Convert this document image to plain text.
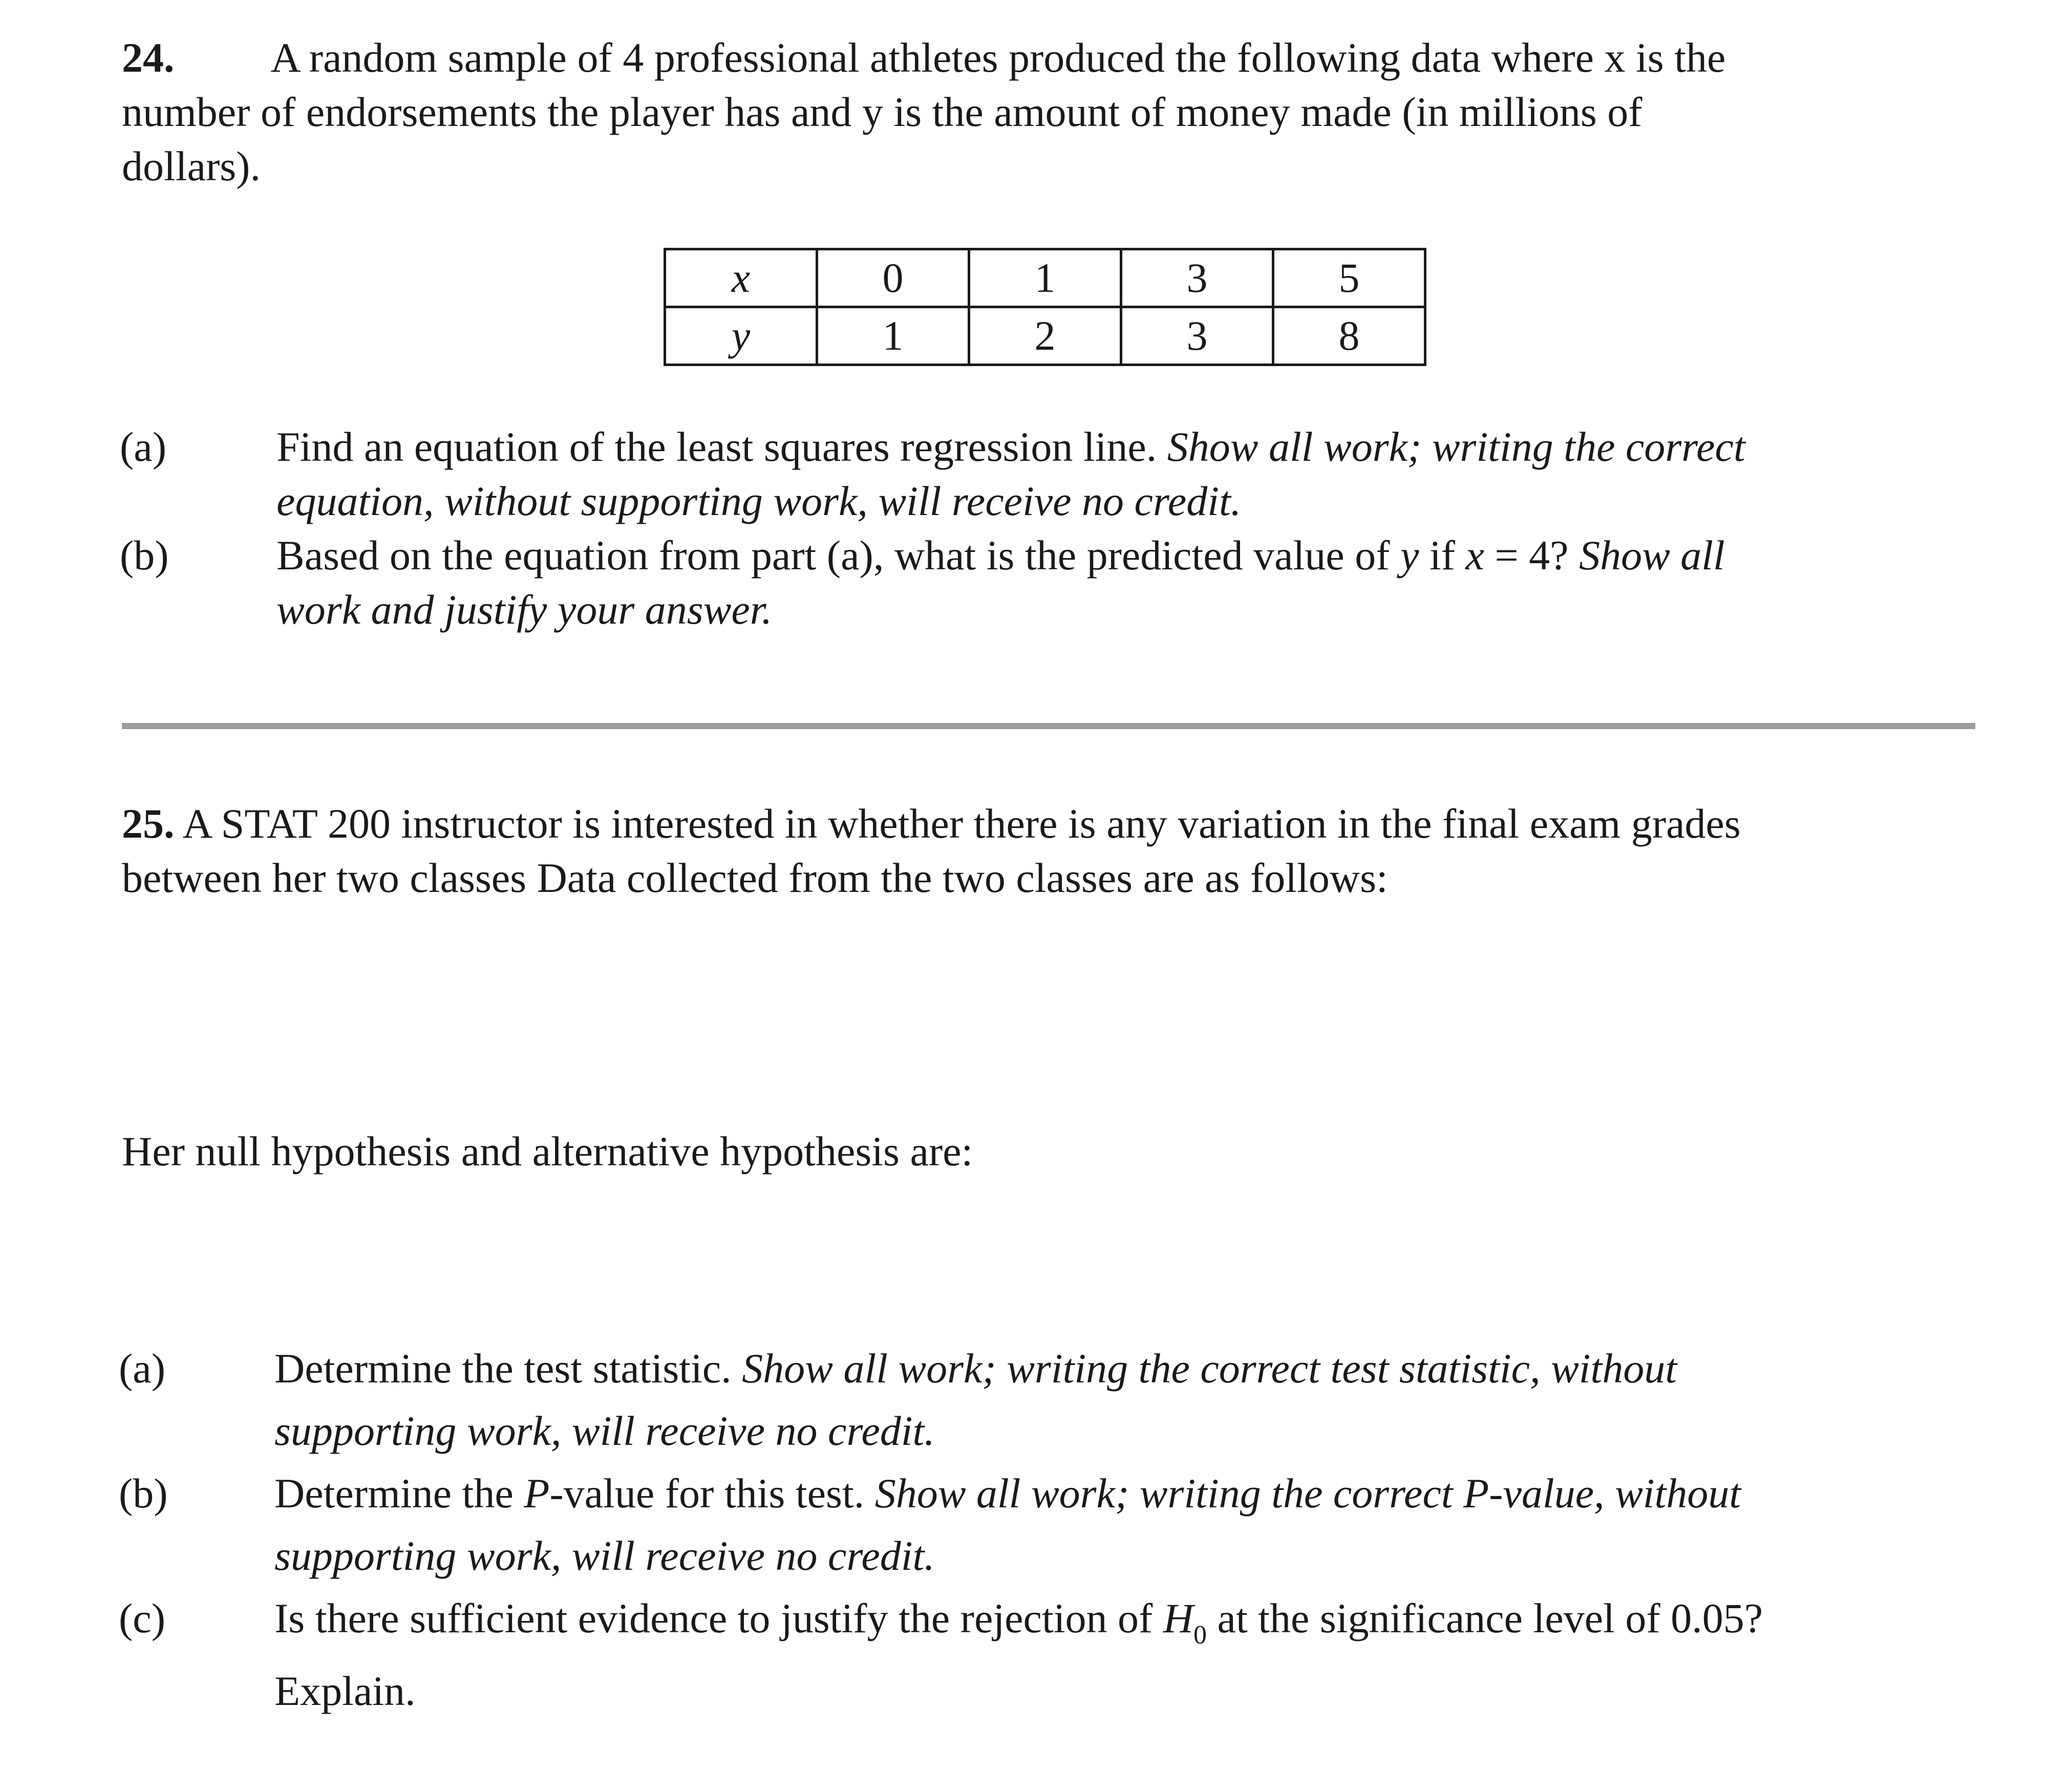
24. A random sample of 4 professional athletes produced the following data where x is the
number of endorsements the player has and y is the amount of money made (in millions of
dollars).
x	0	1	3	5
y	1	2	3	8
(a)	Find an equation of the least squares regression line. Show all work; writing the correct
equation, without supporting work, will receive no credit.
(b)	Based on the equation from part (a), what is the predicted value of y if x = 4? Show all
work and justify your answer.
25. A STAT 200 instructor is interested in whether there is any variation in the final exam grades
between her two classes Data collected from the two classes are as follows:
Her null hypothesis and alternative hypothesis are:
(a)	Determine the test statistic. Show all work; writing the correct test statistic, without
supporting work, will receive no credit.
(b)	Determine the P-value for this test. Show all work; writing the correct P-value, without
supporting work, will receive no credit.
(c)	Is there sufficient evidence to justify the rejection of $H_0$ at the significance level of 0.05?
Explain.
